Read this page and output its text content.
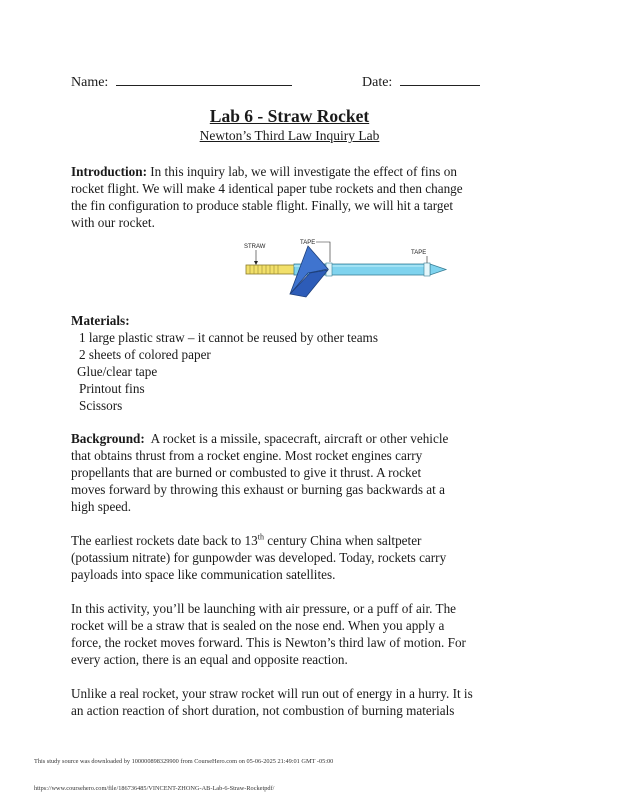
Name:	Date:
Lab 6 - Straw Rocket
Newton’s Third Law Inquiry Lab
Introduction: In this inquiry lab, we will investigate the effect of fins on
rocket flight. We will make 4 identical paper tube rockets and then change
the fin configuration to produce stable flight. Finally, we will hit a target
with our rocket.
STRAW
TAPE
TAPE
Materials:
1 large plastic straw – it cannot be reused by other teams
2 sheets of colored paper
Glue/clear tape
Printout fins
Scissors
Background: A rocket is a missile, spacecraft, aircraft or other vehicle
that obtains thrust from a rocket engine. Most rocket engines carry
propellants that are burned or combusted to give it thrust. A rocket
moves forward by throwing this exhaust or burning gas backwards at a
high speed.
The earliest rockets date back to 13th century China when saltpeter
(potassium nitrate) for gunpowder was developed. Today, rockets carry
payloads into space like communication satellites.
In this activity, you’ll be launching with air pressure, or a puff of air. The
rocket will be a straw that is sealed on the nose end. When you apply a
force, the rocket moves forward. This is Newton’s third law of motion. For
every action, there is an equal and opposite reaction.
Unlike a real rocket, your straw rocket will run out of energy in a hurry. It is
an action reaction of short duration, not combustion of burning materials
This study source was downloaded by 100000898329900 from CourseHero.com on 05-06-2025 21:49:01 GMT -05:00
https://www.coursehero.com/file/186736485/VINCENT-ZHONG-AB-Lab-6-Straw-Rocketpdf/
